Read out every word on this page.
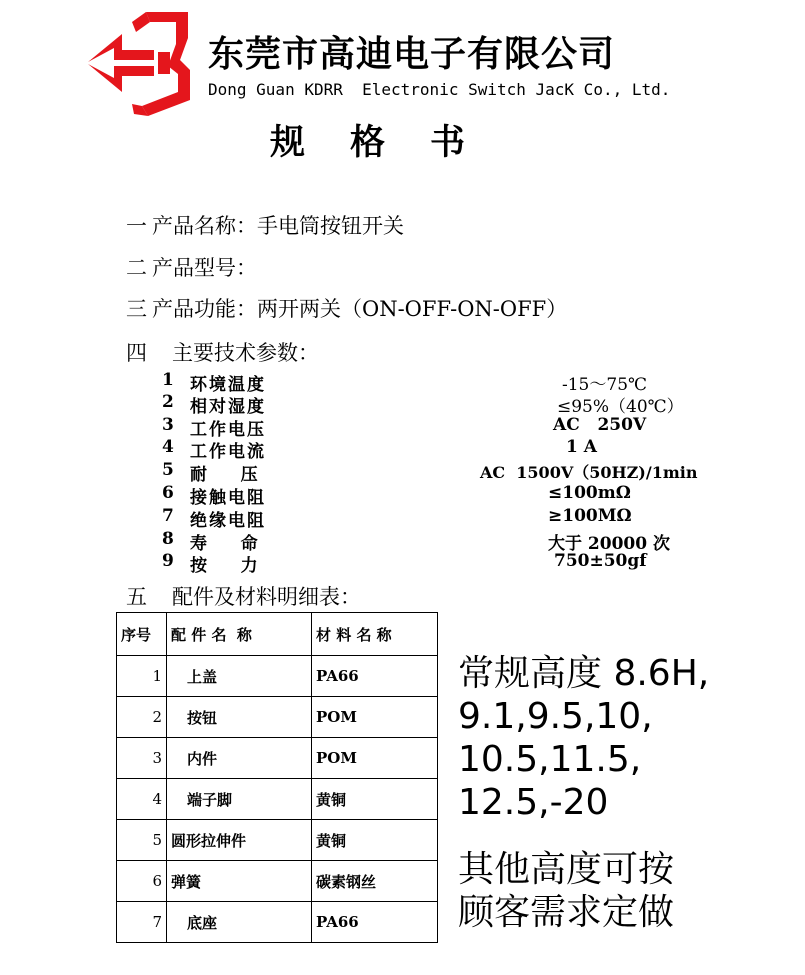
东莞市高迪电子有限公司
Dong Guan KDRR  Electronic Switch JacK Co., Ltd.
规格书
一 产品名称：手电筒按钮开关
二 产品型号：
三 产品功能：两开两关（ON-OFF-ON-OFF）
四 主要技术参数：
1 环境温度	-15～75℃
2 相对湿度	≤95%（40℃）
3 工作电压	AC   250V
4 工作电流	1 A
5 耐    压	AC  1500V（50HZ)/1min
6 接触电阻	≤100mΩ
7 绝缘电阻	≥100MΩ
8 寿    命	大于 20000 次
9 按    力	750±50gf
五 配件及材料明细表：
序号	配 件 名  称	材 料 名 称
1	上盖	PA66
2	按钮	POM
3	内件	POM
4	端子脚	黄铜
5	圆形拉伸件	黄铜
6	弹簧	碳素钢丝
7	底座	PA66
常规高度 8.6H,
9.1,9.5,10,
10.5,11.5,
12.5,-20
其他高度可按
顾客需求定做
